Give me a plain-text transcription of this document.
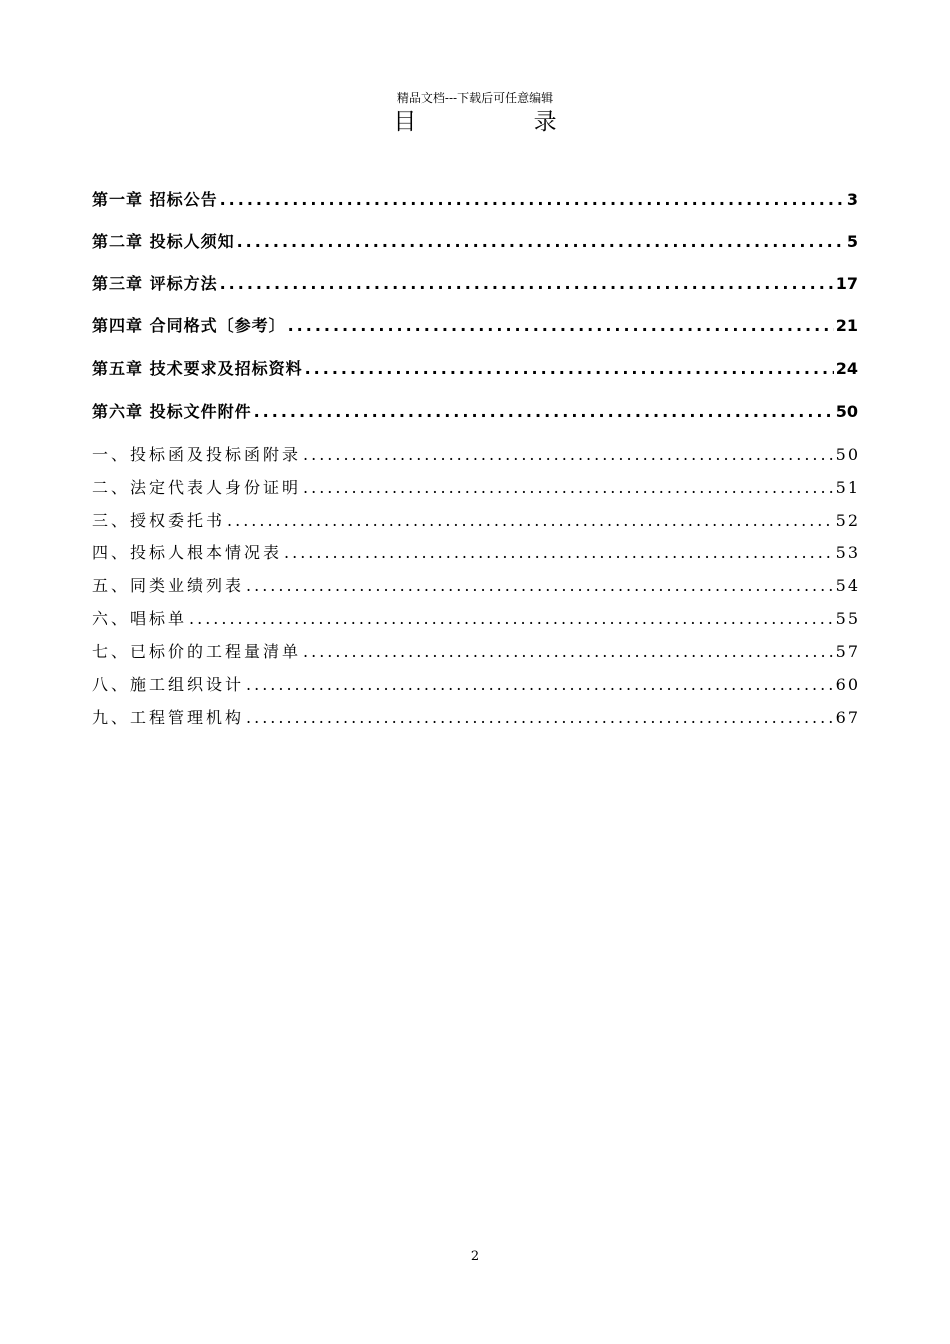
精品文档---下载后可任意编辑
目 录
第一章 招标公告 .....	3
第二章 投标人须知 .....	5
第三章 评标方法 .....	17
第四章 合同格式〔参考〕 .....	21
第五章 技术要求及招标资料 .....	24
第六章 投标文件附件 .....	50
一、投标函及投标函附录 .....	50
二、法定代表人身份证明 .....	51
三、授权委托书 .....	52
四、投标人根本情况表 .....	53
五、同类业绩列表 .....	54
六、唱标单 .....	55
七、已标价的工程量清单 .....	57
八、施工组织设计 .....	60
九、工程管理机构 .....	67
2
